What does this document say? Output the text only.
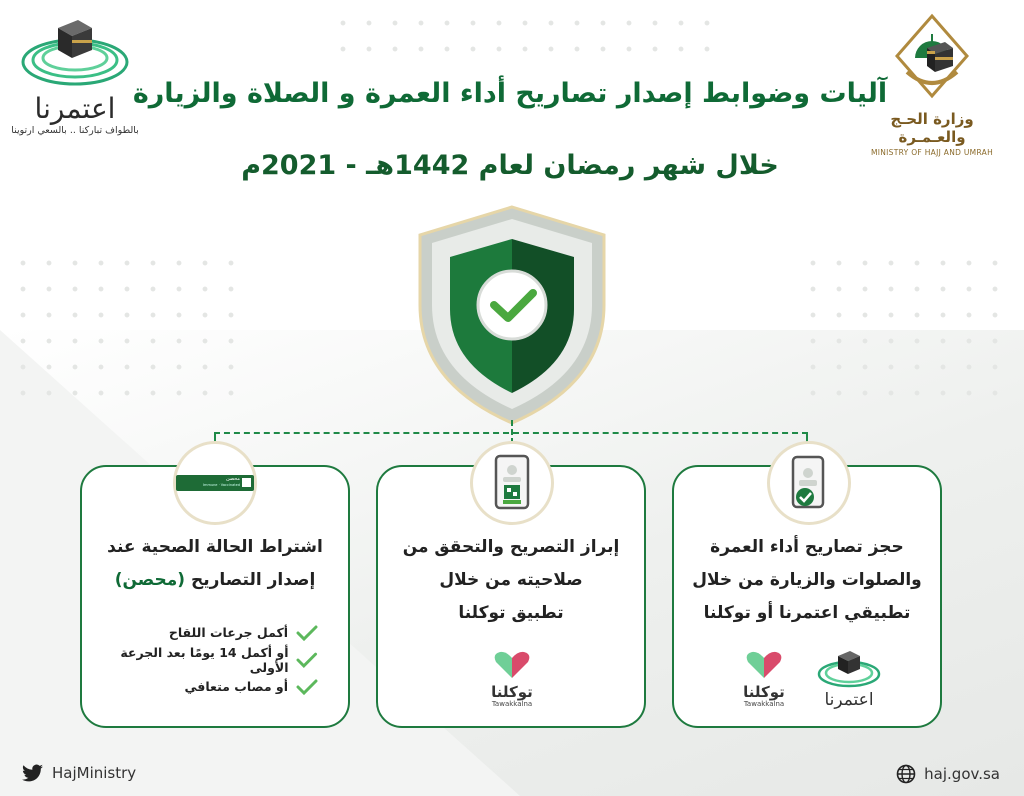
وزارة الحـج والعـمـرة
MINISTRY OF HAJJ AND UMRAH
اعتمرنا
بالطواف تباركنا .. بالسعي ارتوينا
آليات وضوابط إصدار تصاريح أداء العمرة و الصلاة والزيارة
خلال شهر رمضان لعام 1442هـ - 2021م
حجز تصاريح أداء العمرة
والصلوات والزيارة من خلال
تطبيقي اعتمرنا أو توكلنا
توكلنا
Tawakkalna	اعتمرنا
إبراز التصريح والتحقق من
صلاحيته من خلال
تطبيق توكلنا
توكلنا
Tawakkalna
اشتراط الحالة الصحية عند
إصدار التصاريح (محصن)
أكمل جرعات اللقاح
أو أكمل 14 يومًا بعد الجرعة الأولى
أو مصاب متعافي
محصن
Immune · Vaccinated
HajMinistry	haj.gov.sa
